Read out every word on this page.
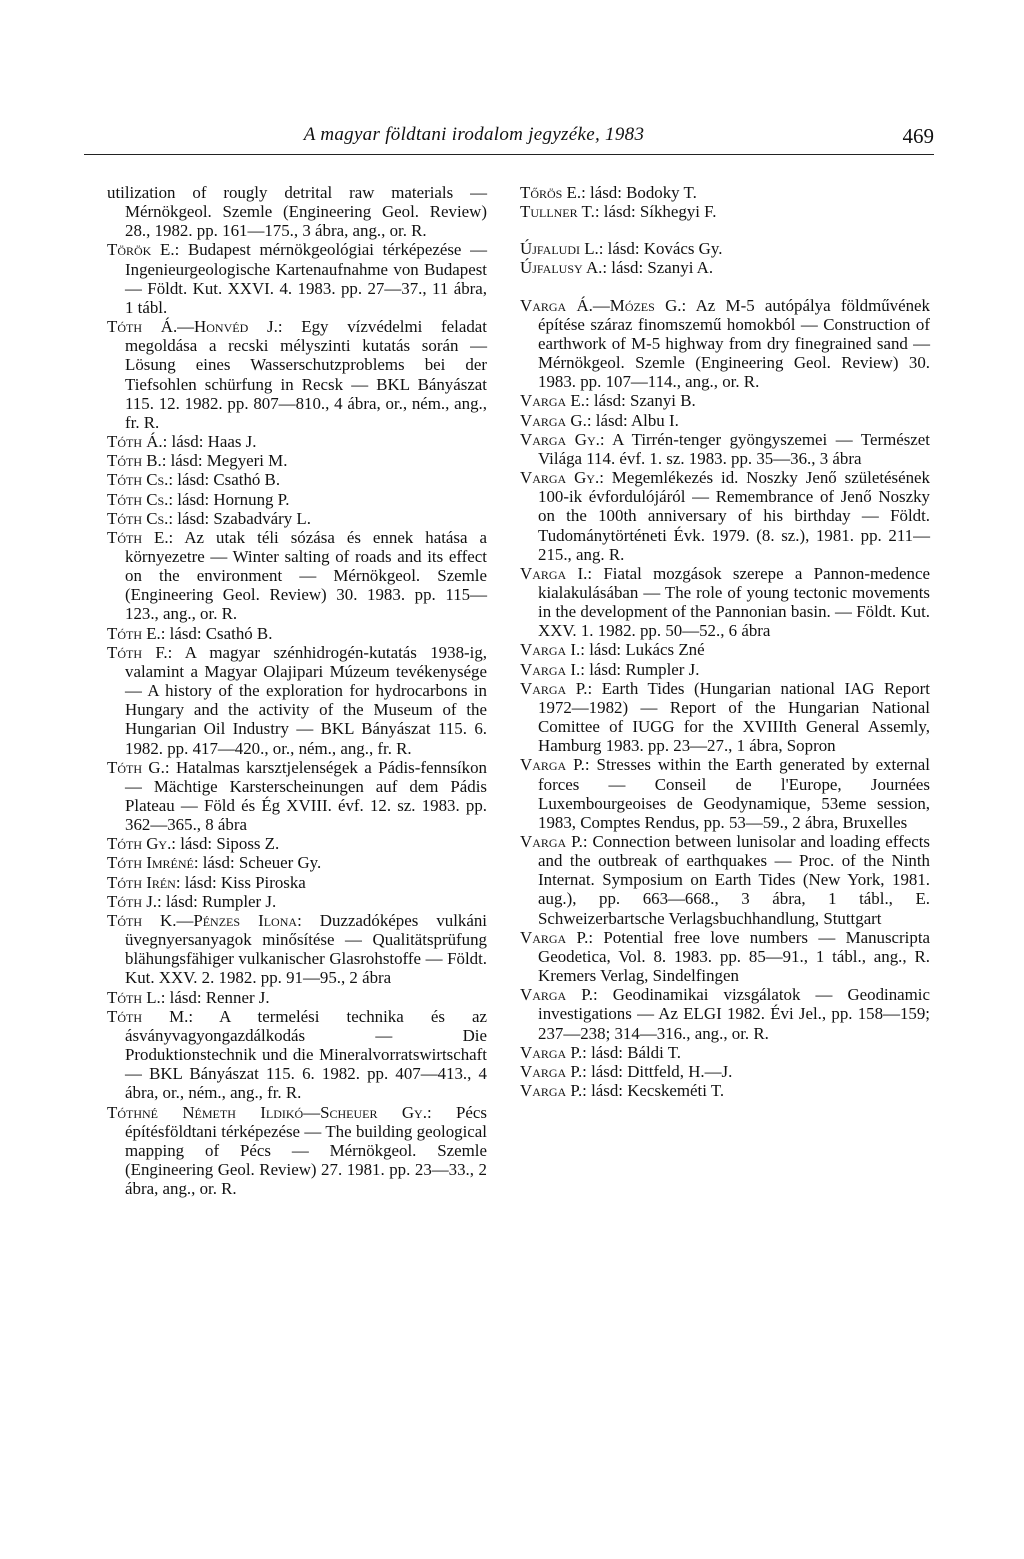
A magyar földtani irodalom jegyzéke, 1983	469
utilization of rougly detrital raw materials — Mérnökgeol. Szemle (Engineering Geol. Review) 28., 1982. pp. 161—175., 3 ábra, ang., or. R.
Török E.: Budapest mérnökgeológiai térképezése — Ingenieurgeologische Kartenaufnahme von Budapest — Földt. Kut. XXVI. 4. 1983. pp. 27—37., 11 ábra, 1 tábl.
Tóth Á.—Honvéd J.: Egy vízvédelmi feladat megoldása a recski mélyszinti kutatás során — Lösung eines Wasserschutzproblems bei der Tiefsohlen schürfung in Recsk — BKL Bányászat 115. 12. 1982. pp. 807—810., 4 ábra, or., ném., ang., fr. R.
Tóth Á.: lásd: Haas J.
Tóth B.: lásd: Megyeri M.
Tóth Cs.: lásd: Csathó B.
Tóth Cs.: lásd: Hornung P.
Tóth Cs.: lásd: Szabadváry L.
Tóth E.: Az utak téli sózása és ennek hatása a környezetre — Winter salting of roads and its effect on the environment — Mérnökgeol. Szemle (Engineering Geol. Review) 30. 1983. pp. 115—123., ang., or. R.
Tóth E.: lásd: Csathó B.
Tóth F.: A magyar szénhidrogén-kutatás 1938-ig, valamint a Magyar Olajipari Múzeum tevékenysége — A history of the exploration for hydrocarbons in Hungary and the activity of the Museum of the Hungarian Oil Industry — BKL Bányászat 115. 6. 1982. pp. 417—420., or., ném., ang., fr. R.
Tóth G.: Hatalmas karsztjelenségek a Pádis-fennsíkon — Mächtige Karsterscheinungen auf dem Pádis Plateau — Föld és Ég XVIII. évf. 12. sz. 1983. pp. 362—365., 8 ábra
Tóth Gy.: lásd: Siposs Z.
Tóth Imréné: lásd: Scheuer Gy.
Tóth Irén: lásd: Kiss Piroska
Tóth J.: lásd: Rumpler J.
Tóth K.—Pénzes Ilona: Duzzadóképes vulkáni üvegnyersanyagok minősítése — Qualitätsprüfung blähungsfähiger vulkanischer Glasrohstoffe — Földt. Kut. XXV. 2. 1982. pp. 91—95., 2 ábra
Tóth L.: lásd: Renner J.
Tóth M.: A termelési technika és az ásványvagyongazdálkodás — Die Produktionstechnik und die Mineralvorratswirtschaft — BKL Bányászat 115. 6. 1982. pp. 407—413., 4 ábra, or., ném., ang., fr. R.
Tóthné Németh Ildikó—Scheuer Gy.: Pécs építésföldtani térképezése — The building geological mapping of Pécs — Mérnökgeol. Szemle (Engineering Geol. Review) 27. 1981. pp. 23—33., 2 ábra, ang., or. R.
Tőrös E.: lásd: Bodoky T.
Tullner T.: lásd: Síkhegyi F.
Újfaludi L.: lásd: Kovács Gy.
Újfalusy A.: lásd: Szanyi A.
Varga Á.—Mózes G.: Az M-5 autópálya földművének építése száraz finomszemű homokból — Construction of earthwork of M-5 highway from dry finegrained sand — Mérnökgeol. Szemle (Engineering Geol. Review) 30. 1983. pp. 107—114., ang., or. R.
Varga E.: lásd: Szanyi B.
Varga G.: lásd: Albu I.
Varga Gy.: A Tirrén-tenger gyöngyszemei — Természet Világa 114. évf. 1. sz. 1983. pp. 35—36., 3 ábra
Varga Gy.: Megemlékezés id. Noszky Jenő születésének 100-ik évfordulójáról — Remembrance of Jenő Noszky on the 100th anniversary of his birthday — Földt. Tudománytörténeti Évk. 1979. (8. sz.), 1981. pp. 211—215., ang. R.
Varga I.: Fiatal mozgások szerepe a Pannon-medence kialakulásában — The role of young tectonic movements in the development of the Pannonian basin. — Földt. Kut. XXV. 1. 1982. pp. 50—52., 6 ábra
Varga I.: lásd: Lukács Zné
Varga I.: lásd: Rumpler J.
Varga P.: Earth Tides (Hungarian national IAG Report 1972—1982) — Report of the Hungarian National Comittee of IUGG for the XVIIIth General Assemly, Hamburg 1983. pp. 23—27., 1 ábra, Sopron
Varga P.: Stresses within the Earth generated by external forces — Conseil de l'Europe, Journées Luxembourgeoises de Geodynamique, 53eme session, 1983, Comptes Rendus, pp. 53—59., 2 ábra, Bruxelles
Varga P.: Connection between lunisolar and loading effects and the outbreak of earthquakes — Proc. of the Ninth Internat. Symposium on Earth Tides (New York, 1981. aug.), pp. 663—668., 3 ábra, 1 tábl., E. Schweizerbartsche Verlagsbuchhandlung, Stuttgart
Varga P.: Potential free love numbers — Manuscripta Geodetica, Vol. 8. 1983. pp. 85—91., 1 tábl., ang., R. Kremers Verlag, Sindelfingen
Varga P.: Geodinamikai vizsgálatok — Geodinamic investigations — Az ELGI 1982. Évi Jel., pp. 158—159; 237—238; 314—316., ang., or. R.
Varga P.: lásd: Báldi T.
Varga P.: lásd: Dittfeld, H.—J.
Varga P.: lásd: Kecskeméti T.
